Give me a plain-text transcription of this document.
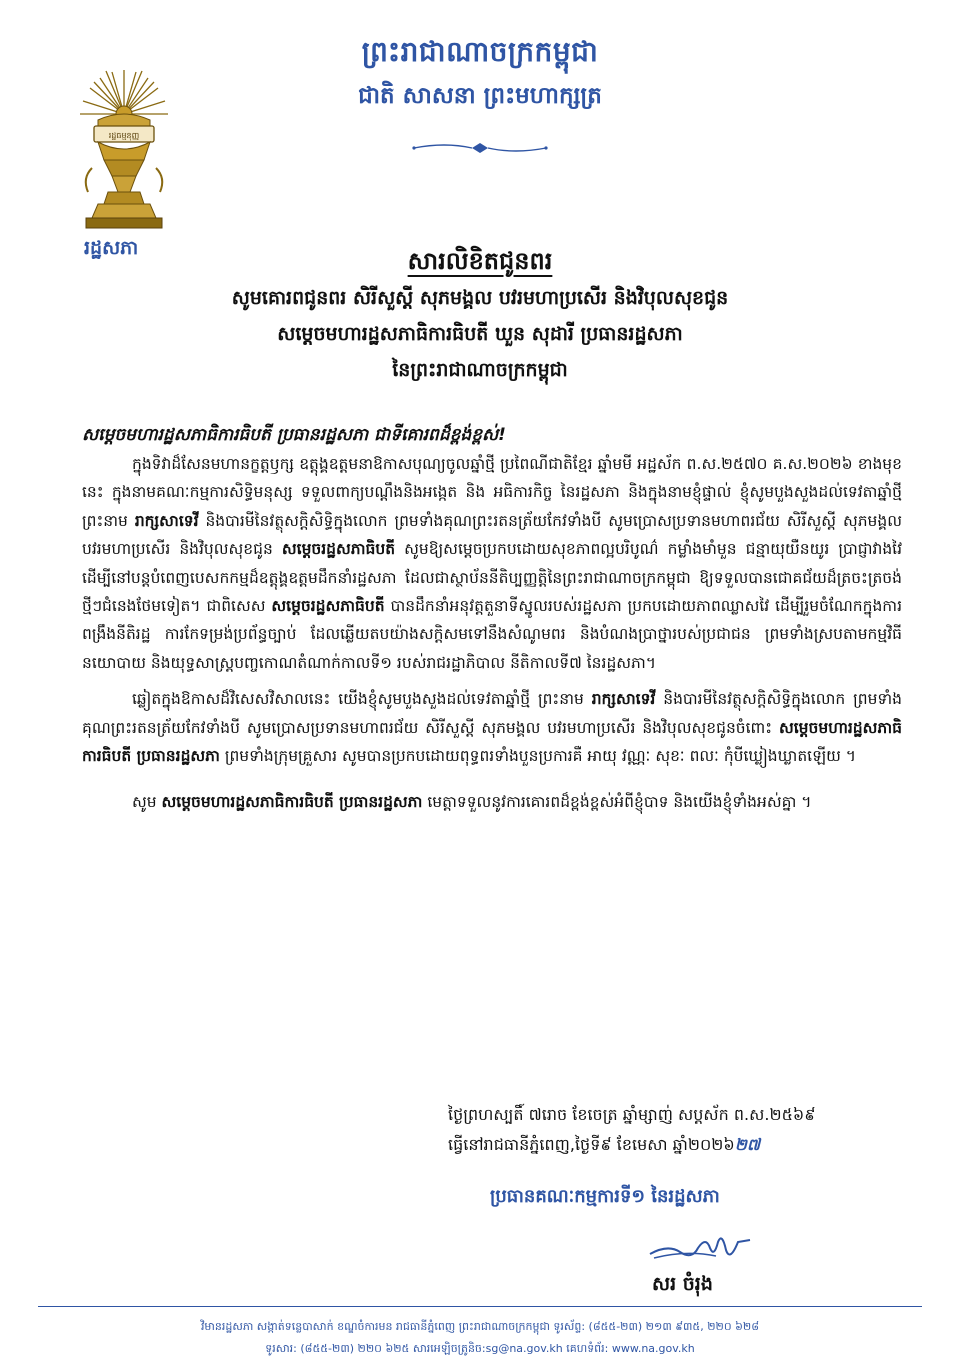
រដ្ឋធម្មនុញ្ញ
រដ្ឋសភា
ព្រះរាជាណាចក្រកម្ពុជា
ជាតិ សាសនា ព្រះមហាក្សត្រ
សារលិខិតជូនពរ
សូមគោរពជូនពរ សិរីសួស្តី សុភមង្គល បវរមហាប្រសើរ និងវិបុលសុខជូន
សម្តេចមហារដ្ឋសភាធិការធិបតី ឃួន សុដារី ប្រធានរដ្ឋសភា
នៃព្រះរាជាណាចក្រកម្ពុជា
សម្តេចមហារដ្ឋសភាធិការធិបតី ប្រធានរដ្ឋសភា ជាទីគោរពដ៏ខ្ពង់ខ្ពស់!

ក្នុងទិវាដ៏សែនមហានក្ខត្តឫក្ស ឧត្តុង្គឧត្តមនាឱកាសបុណ្យចូលឆ្នាំថ្មី ប្រពៃណីជាតិខ្មែរ ឆ្នាំមមី អដ្ឋស័ក ព.ស.២៥៧០ គ.ស.២០២៦ ខាងមុខនេះ ក្នុងនាមគណៈកម្មការសិទ្ធិមនុស្ស ទទួលពាក្យបណ្តឹងនិងអង្កេត និង អធិការកិច្ច នៃរដ្ឋសភា និងក្នុងនាមខ្ញុំផ្ទាល់ ខ្ញុំសូមបួងសួងដល់ទេវតាឆ្នាំថ្មី ព្រះនាម រាក្សសាទេវី និងបារមីនៃវត្ថុសក្តិសិទ្ធិក្នុងលោក ព្រមទាំងគុណព្រះរតនត្រ័យកែវទាំងបី សូមប្រោសប្រទានមហាពរជ័យ សិរីសួស្តី សុភមង្គល បវរមហាប្រសើរ និងវិបុលសុខជូន សម្តេចរដ្ឋសភាធិបតី សូមឱ្យសម្តេចប្រកបដោយសុខភាពល្អបរិបូណ៌ កម្លាំងមាំមួន ជន្មាយុយឺនយូរ ប្រាជ្ញាវាងវៃ ដើម្បីនៅបន្តបំពេញបេសកកម្មដ៏ឧត្តុង្គឧត្តមដឹកនាំរដ្ឋសភា ដែលជាស្ថាប័ននីតិប្បញ្ញត្តិនៃព្រះរាជាណាចក្រកម្ពុជា ឱ្យទទួលបានជោគជ័យដ៏ត្រចះត្រចង់ថ្មីៗជំនេងថែមទៀត។ ជាពិសេស សម្តេចរដ្ឋសភាធិបតី បានដឹកនាំអនុវត្តតួនាទីស្នូលរបស់រដ្ឋសភា ប្រកបដោយភាពឈ្លាសវៃ ដើម្បីរួមចំណែកក្នុងការពង្រឹងនីតិរដ្ឋ ការកែទម្រង់ប្រព័ន្ធច្បាប់ ដែលឆ្លើយតបយ៉ាងសក្តិសមទៅនឹងសំណូមពរ និងបំណងប្រាថ្នារបស់ប្រជាជន ព្រមទាំងស្របតាមកម្មវិធីនយោបាយ និងយុទ្ធសាស្ត្របញ្ចកោណតំណាក់កាលទី១ របស់រាជរដ្ឋាភិបាល នីតិកាលទី៧ នៃរដ្ឋសភា។

ឆ្លៀតក្នុងឱកាសដ៏វិសេសវិសាលនេះ យើងខ្ញុំសូមបួងសួងដល់ទេវតាឆ្នាំថ្មី ព្រះនាម រាក្សសាទេវី និងបារមីនៃវត្ថុសក្តិសិទ្ធិក្នុងលោក ព្រមទាំងគុណព្រះរតនត្រ័យកែវទាំងបី សូមប្រោសប្រទានមហាពរជ័យ សិរីសួស្តី សុភមង្គល បវរមហាប្រសើរ និងវិបុលសុខជូនចំពោះ សម្តេចមហារដ្ឋសភាធិការធិបតី ប្រធានរដ្ឋសភា ព្រមទាំងក្រុមគ្រួសារ សូមបានប្រកបដោយពុទ្ធពរទាំងបួនប្រការគឺ អាយុ វណ្ណៈ សុខៈ ពលៈ កុំបីឃ្លៀងឃ្លាតឡើយ ។

សូម សម្តេចមហារដ្ឋសភាធិការធិបតី ប្រធានរដ្ឋសភា មេត្តាទទួលនូវការគោរពដ៏ខ្ពង់ខ្ពស់អំពីខ្ញុំបាទ និងយើងខ្ញុំទាំងអស់គ្នា ។

ថ្ងៃព្រហស្បតិ៍ ៧រោច ខែចេត្រ ឆ្នាំម្សាញ់ សប្តស័ក ព.ស.២៥៦៩
ធ្វើនៅរាជធានីភ្នំពេញ,ថ្ងៃទី៩ ខែមេសា ឆ្នាំ២០២៦២៧
ប្រធានគណៈកម្មការទី១ នៃរដ្ឋសភា
សរ ចំរុង
វិមានរដ្ឋសភា សង្កាត់ទន្លេបាសាក់ ខណ្ឌចំការមន រាជធានីភ្នំពេញ ព្រះរាជាណាចក្រកម្ពុជា ទូរស័ព្ទ: (៨៥៥-២៣) ២១៣ ៩៣៥, ២២០ ៦២៨
ទូរសារ: (៨៥៥-២៣) ២២០ ៦២៥ សារអេឡិចត្រូនិច:sg@na.gov.kh គេហទំព័រ: www.na.gov.kh
